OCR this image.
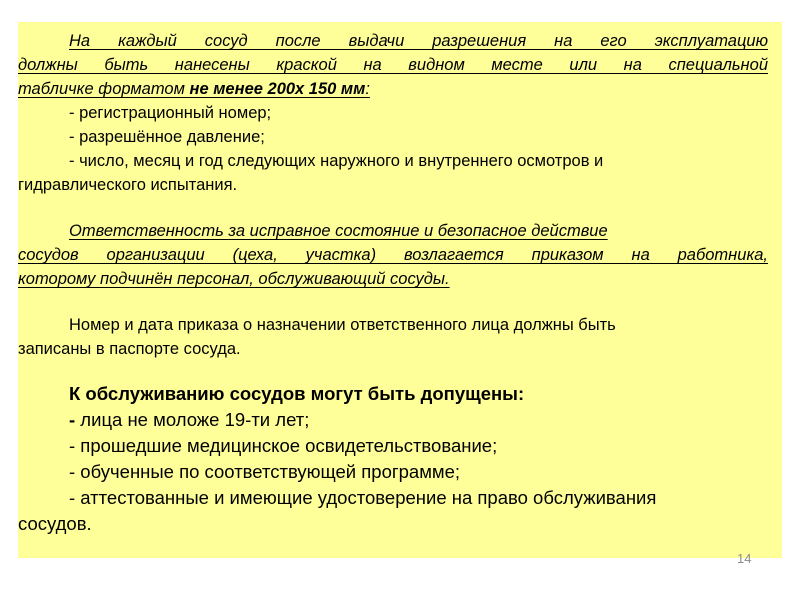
На каждый сосуд после выдачи разрешения на его эксплуатацию

должны быть нанесены краской на видном месте или на специальной

табличке форматом не менее 200х 150 мм:

- регистрационный номер;

- разрешённое давление;

- число, месяц и год следующих наружного и внутреннего осмотров и

гидравлического испытания.

Ответственность за исправное состояние и безопасное действие

сосудов организации (цеха, участка) возлагается приказом на работника,

которому подчинён персонал, обслуживающий сосуды.

Номер и дата приказа о назначении ответственного лица должны быть

записаны в паспорте сосуда.

К обслуживанию сосудов могут быть допущены:

- лица не моложе 19-ти лет;

- прошедшие медицинское освидетельствование;

- обученные по соответствующей программе;

- аттестованные и имеющие удостоверение на право обслуживания

сосудов.

14
